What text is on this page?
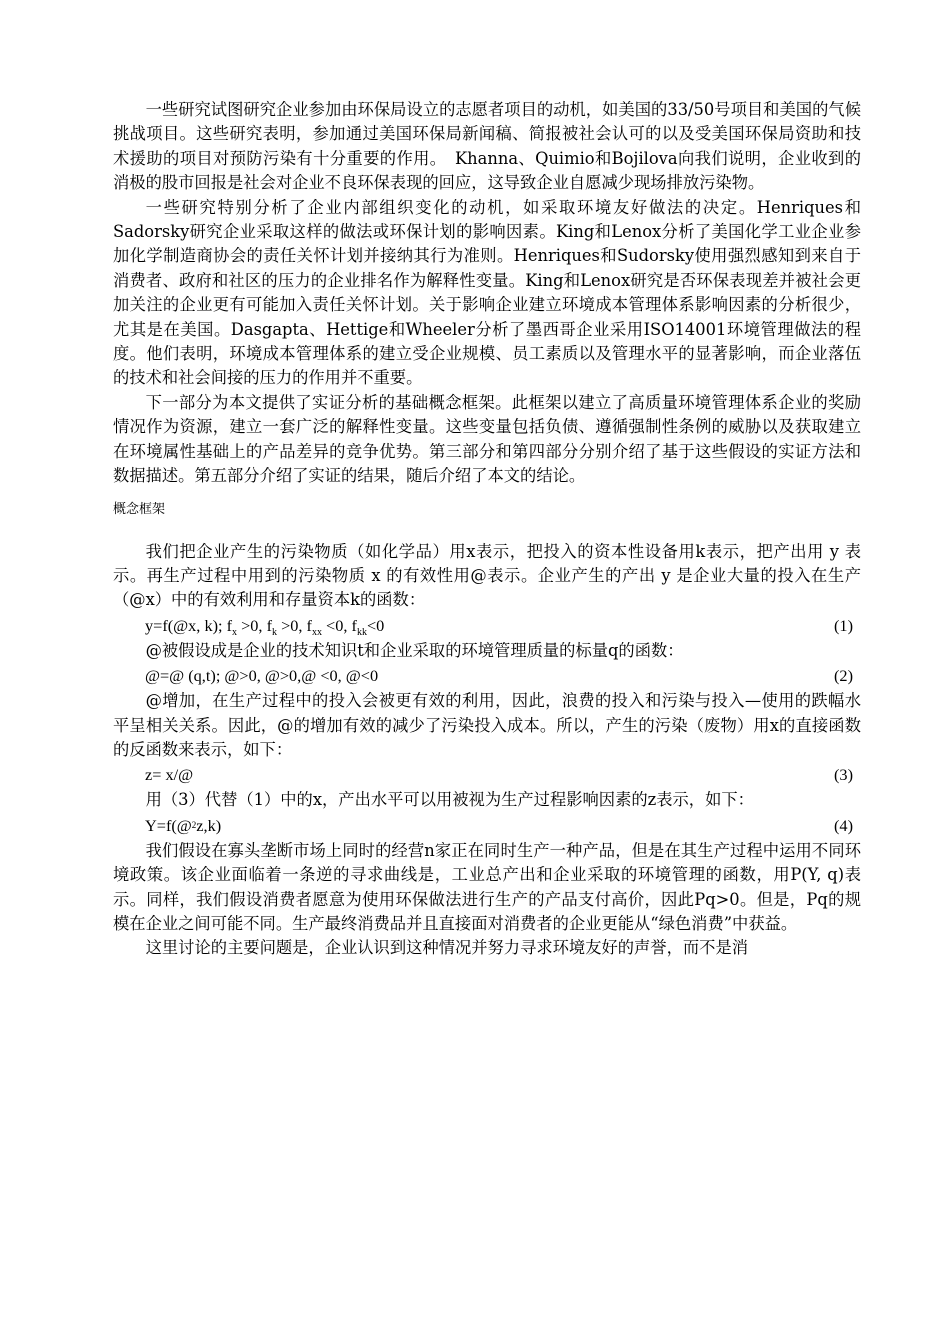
一些研究试图研究企业参加由环保局设立的志愿者项目的动机，如美国的33/50号项目和美国的气候挑战项目。这些研究表明，参加通过美国环保局新闻稿、简报被社会认可的以及受美国环保局资助和技术援助的项目对预防污染有十分重要的作用。　Khanna、Quimio和Bojilova向我们说明，企业收到的消极的股市回报是社会对企业不良环保表现的回应，这导致企业自愿减少现场排放污染物。

一些研究特别分析了企业内部组织变化的动机，如采取环境友好做法的决定。Henriques和Sadorsky研究企业采取这样的做法或环保计划的影响因素。King和Lenox分析了美国化学工业企业参加化学制造商协会的责任关怀计划并接纳其行为准则。Henriques和Sudorsky使用强烈感知到来自于消费者、政府和社区的压力的企业排名作为解释性变量。King和Lenox研究是否环保表现差并被社会更加关注的企业更有可能加入责任关怀计划。关于影响企业建立环境成本管理体系影响因素的分析很少，尤其是在美国。Dasgapta、Hettige和Wheeler分析了墨西哥企业采用ISO14001环境管理做法的程度。他们表明，环境成本管理体系的建立受企业规模、员工素质以及管理水平的显著影响，而企业落伍的技术和社会间接的压力的作用并不重要。

下一部分为本文提供了实证分析的基础概念框架。此框架以建立了高质量环境管理体系企业的奖励情况作为资源，建立一套广泛的解释性变量。这些变量包括负债、遵循强制性条例的威胁以及获取建立在环境属性基础上的产品差异的竞争优势。第三部分和第四部分分别介绍了基于这些假设的实证方法和数据描述。第五部分介绍了实证的结果，随后介绍了本文的结论。

概念框架

我们把企业产生的污染物质（如化学品）用x表示，把投入的资本性设备用k表示，把产出用 y 表示。再生产过程中用到的污染物质 x 的有效性用@表示。企业产生的产出 y 是企业大量的投入在生产（@x）中的有效利用和存量资本k的函数：

y=f(@x, k); $f_x >0$, $f_k >0$, $f_{xx} <0$, $f_{kk}<0$	(1)

@被假设成是企业的技术知识t和企业采取的环境管理质量的标量q的函数：

@=@ (q,t); @>0, @>0,@ <0, @<0	(2)

@增加，在生产过程中的投入会被更有效的利用，因此，浪费的投入和污染与投入—使用的跌幅水平呈相关关系。因此，@的增加有效的减少了污染投入成本。所以，产生的污染（废物）用x的直接函数的反函数来表示，如下：

z= x/@	(3)

用（3）代替（1）中的x，产出水平可以用被视为生产过程影响因素的z表示，如下：

Y=f(@$^2$z,k)	(4)

我们假设在寡头垄断市场上同时的经营n家正在同时生产一种产品，但是在其生产过程中运用不同环境政策。该企业面临着一条逆的寻求曲线是，工业总产出和企业采取的环境管理的函数，用P(Y, q)表示。同样，我们假设消费者愿意为使用环保做法进行生产的产品支付高价，因此Pq>0。但是，Pq的规模在企业之间可能不同。生产最终消费品并且直接面对消费者的企业更能从“绿色消费”中获益。

这里讨论的主要问题是，企业认识到这种情况并努力寻求环境友好的声誉，而不是消
